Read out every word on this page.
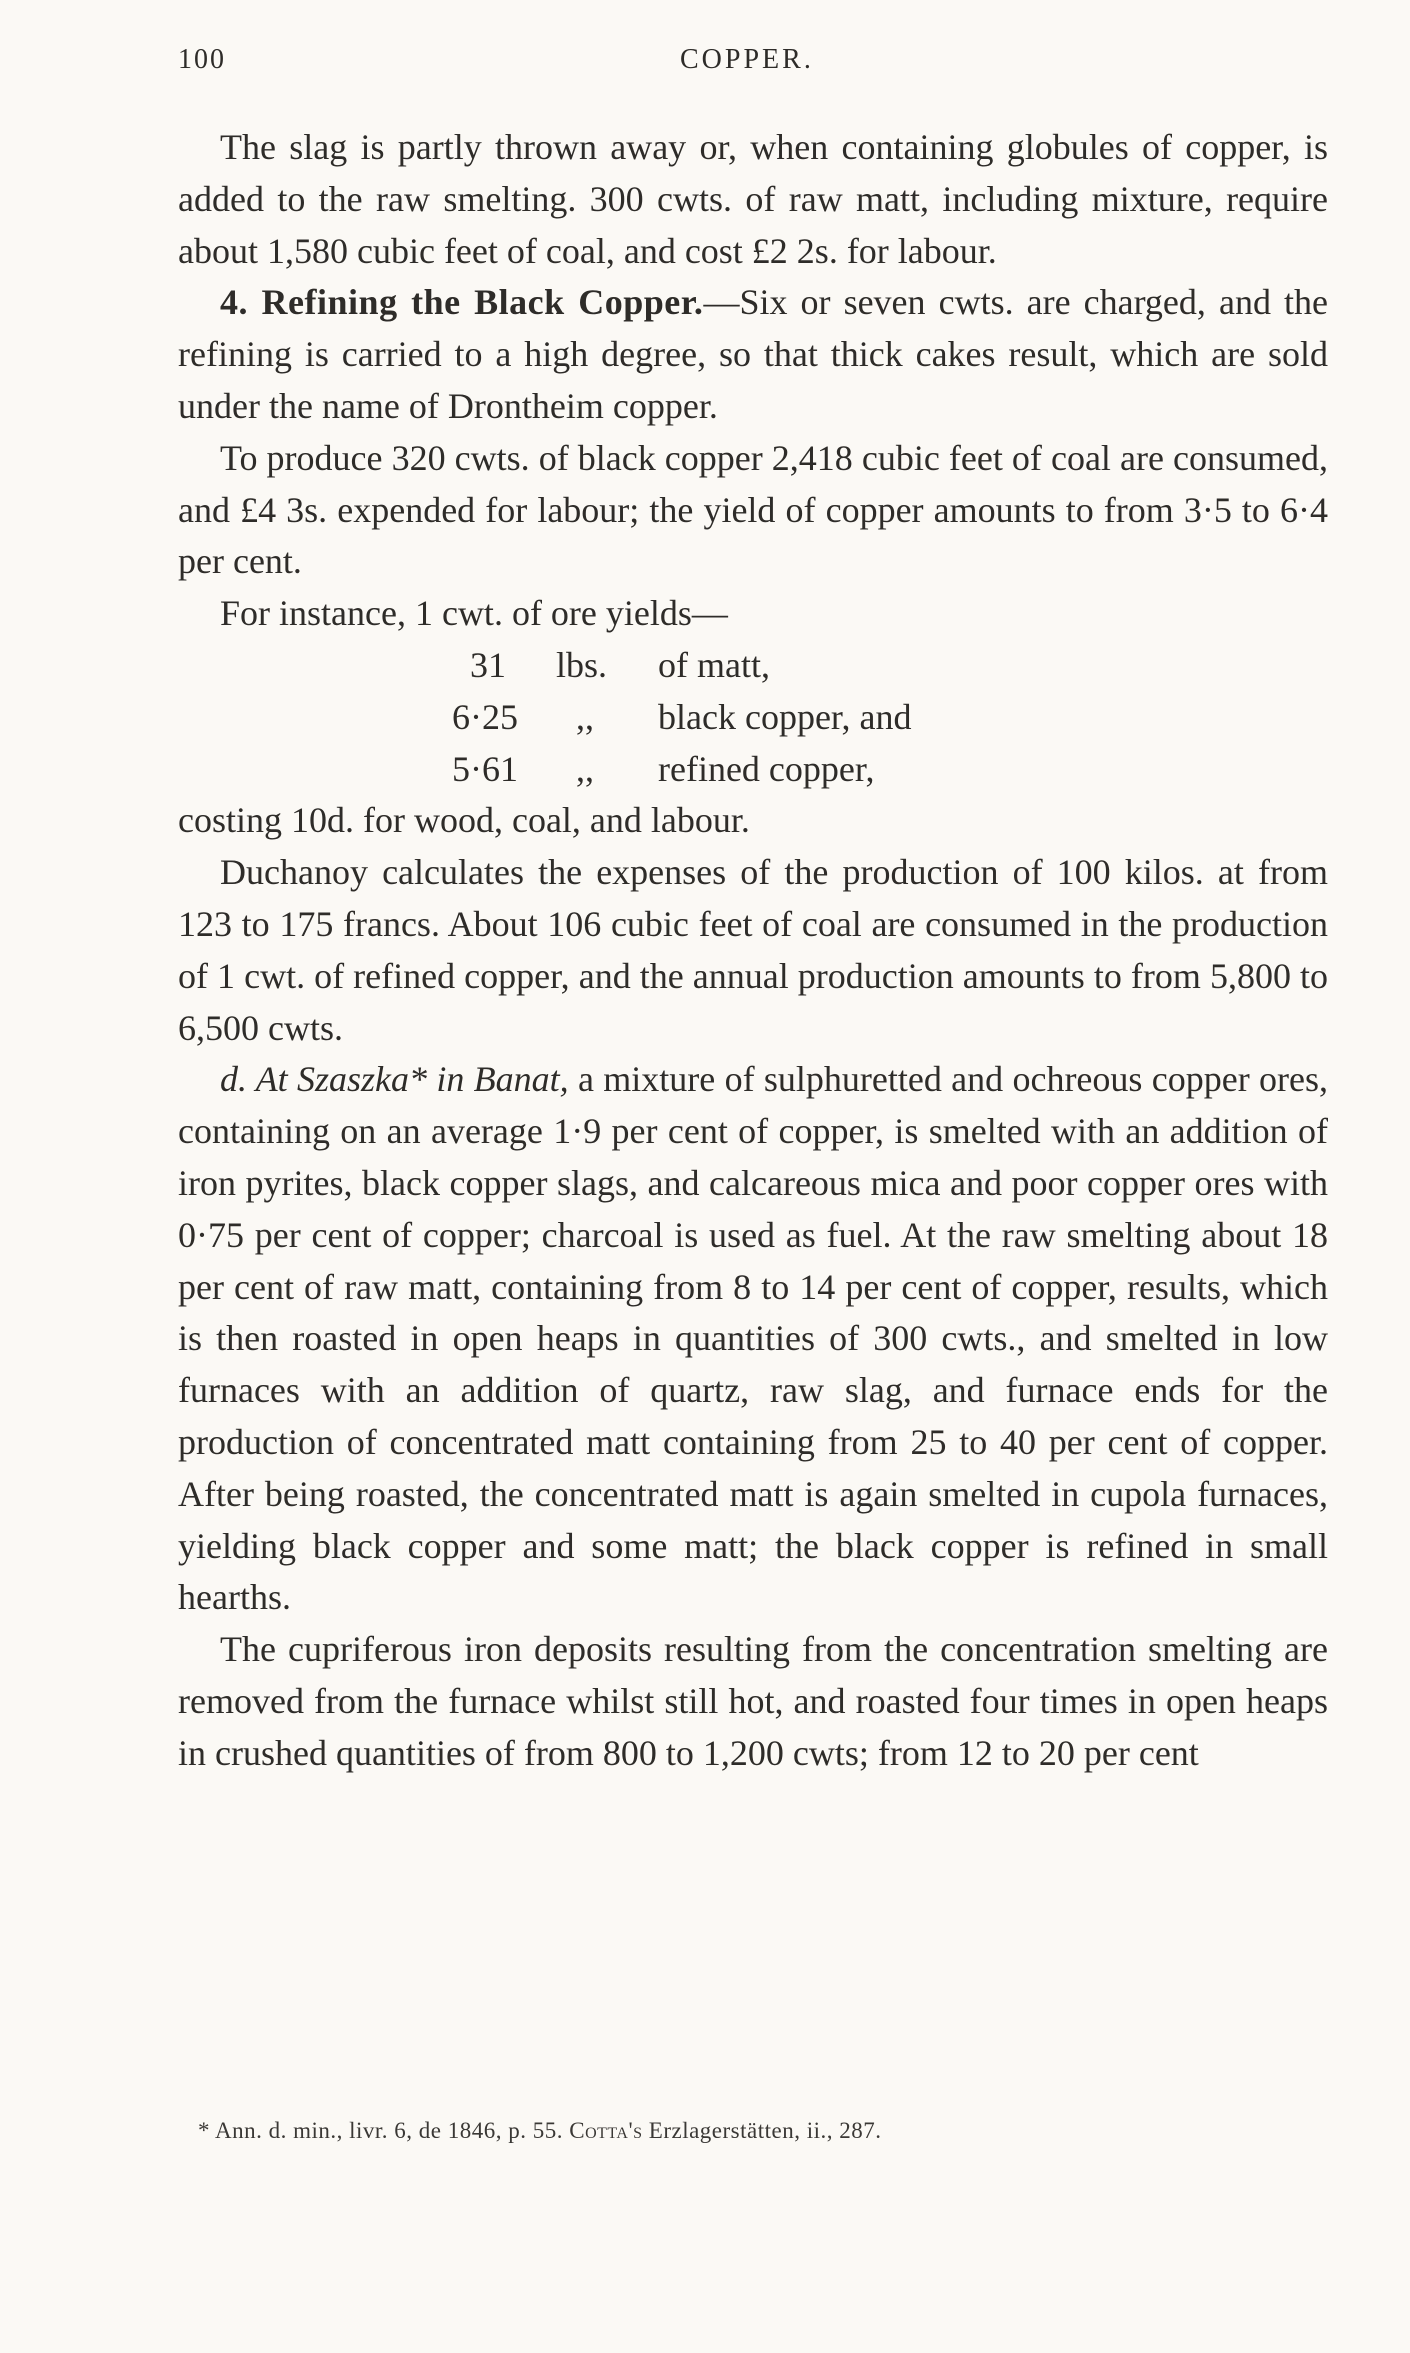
100	COPPER.

The slag is partly thrown away or, when containing globules of copper, is added to the raw smelting. 300 cwts. of raw matt, including mixture, require about 1,580 cubic feet of coal, and cost £2 2s. for labour.

4. Refining the Black Copper.—Six or seven cwts. are charged, and the refining is carried to a high degree, so that thick cakes result, which are sold under the name of Drontheim copper.

To produce 320 cwts. of black copper 2,418 cubic feet of coal are consumed, and £4 3s. expended for labour; the yield of copper amounts to from 3·5 to 6·4 per cent.

For instance, 1 cwt. of ore yields—

31 lbs. of matt,
6·25 ,, black copper, and
5·61 ,, refined copper,

costing 10d. for wood, coal, and labour.

Duchanoy calculates the expenses of the production of 100 kilos. at from 123 to 175 francs. About 106 cubic feet of coal are consumed in the production of 1 cwt. of refined copper, and the annual production amounts to from 5,800 to 6,500 cwts.

d. At Szaszka* in Banat, a mixture of sulphuretted and ochreous copper ores, containing on an average 1·9 per cent of copper, is smelted with an addition of iron pyrites, black copper slags, and calcareous mica and poor copper ores with 0·75 per cent of copper; charcoal is used as fuel. At the raw smelting about 18 per cent of raw matt, containing from 8 to 14 per cent of copper, results, which is then roasted in open heaps in quantities of 300 cwts., and smelted in low furnaces with an addition of quartz, raw slag, and furnace ends for the production of concentrated matt containing from 25 to 40 per cent of copper. After being roasted, the concentrated matt is again smelted in cupola furnaces, yielding black copper and some matt; the black copper is refined in small hearths.

The cupriferous iron deposits resulting from the concentration smelting are removed from the furnace whilst still hot, and roasted four times in open heaps in crushed quantities of from 800 to 1,200 cwts; from 12 to 20 per cent

* Ann. d. min., livr. 6, de 1846, p. 55. Cotta's Erzlagerstätten, ii., 287.
